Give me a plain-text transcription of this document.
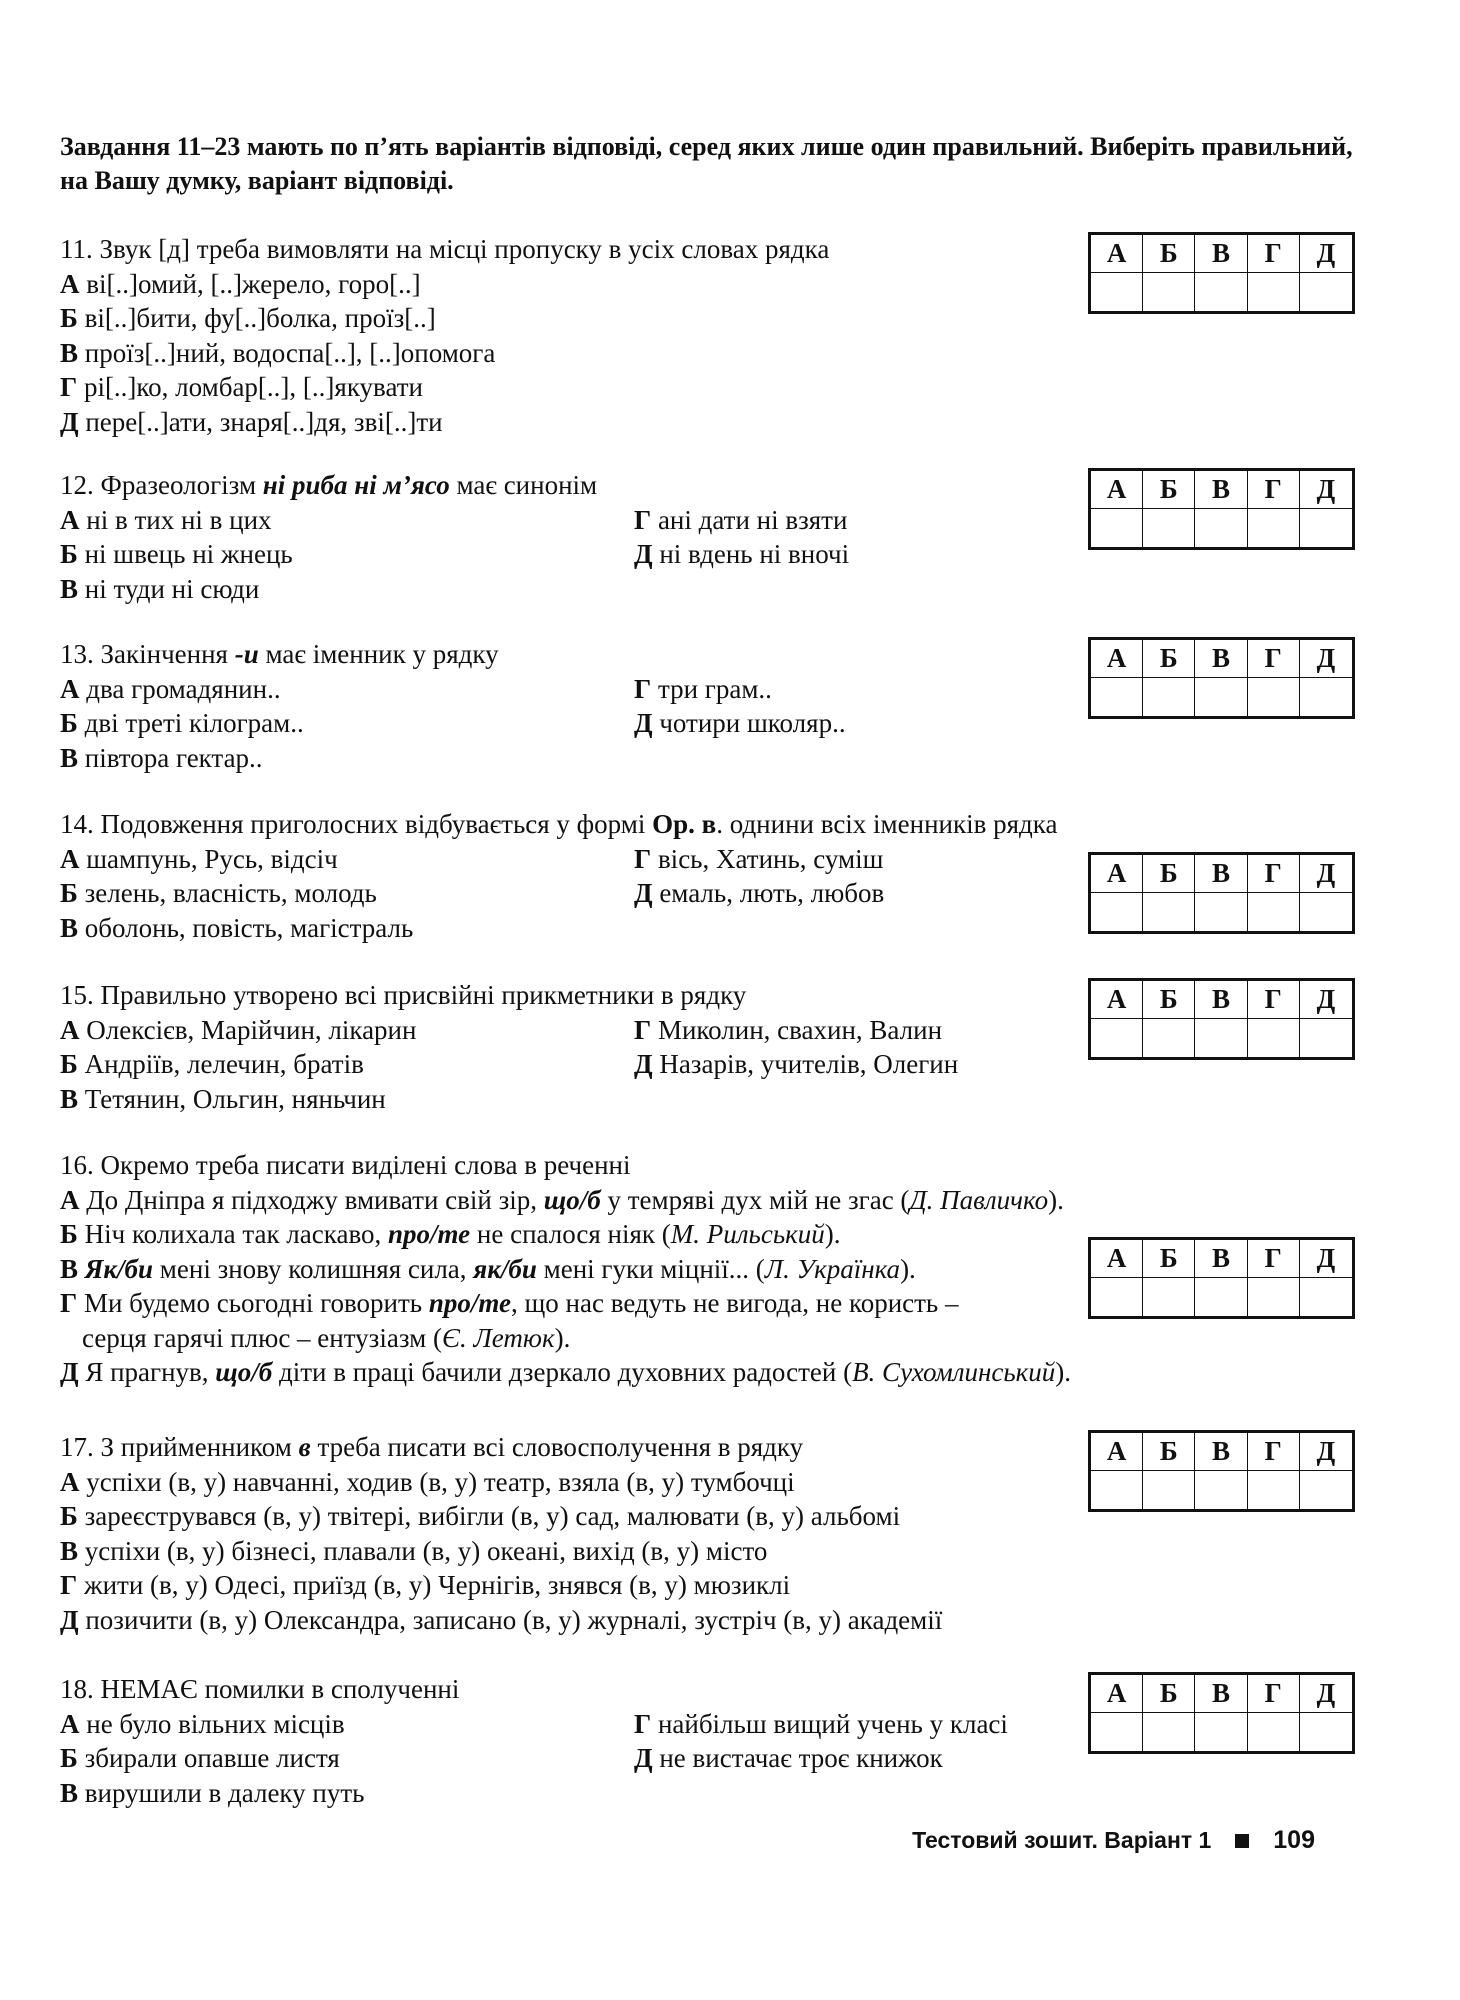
Завдання 11–23 мають по п’ять варіантів відповіді, серед яких лише один правильний. Виберіть правильний, на Вашу думку, варіант відповіді.
11. Звук [д] треба вимовляти на місці пропуску в усіх словах рядка
А ві[..]омий, [..]жерело, горо[..]
Б ві[..]бити, фу[..]болка, проїз[..]
В проїз[..]ний, водоспа[..], [..]опомога
Г рі[..]ко, ломбар[..], [..]якувати
Д пере[..]ати, знаря[..]дя, зві[..]ти
А	Б	В	Г	Д
12. Фразеологізм ні риба ні м’ясо має синонім
А ні в тих ні в цих
Б ні швець ні жнець
В ні туди ні сюди
Г ані дати ні взяти
Д ні вдень ні вночі
А	Б	В	Г	Д
13. Закінчення -и має іменник у рядку
А два громадянин..
Б дві треті кілограм..
В півтора гектар..
Г три грам..
Д чотири школяр..
А	Б	В	Г	Д
14. Подовження приголосних відбувається у формі Ор. в. однини всіх іменників рядка
А шампунь, Русь, відсіч
Б зелень, власність, молодь
В оболонь, повість, магістраль
Г вісь, Хатинь, суміш
Д емаль, лють, любов
А	Б	В	Г	Д
15. Правильно утворено всі присвійні прикметники в рядку
А Олексієв, Марійчин, лікарин
Б Андріїв, лелечин, братів
В Тетянин, Ольгин, няньчин
Г Миколин, свахин, Валин
Д Назарів, учителів, Олегин
А	Б	В	Г	Д
16. Окремо треба писати виділені слова в реченні
А До Дніпра я підходжу вмивати свій зір, що/б у темряві дух мій не згас (Д. Павличко).
Б Ніч колихала так ласкаво, про/те не спалося ніяк (М. Рильський).
В Як/би мені знову колишняя сила, як/би мені гуки міцнії... (Л. Українка).
Г Ми будемо сьогодні говорить про/те, що нас ведуть не вигода, не користь –
серця гарячі плюс – ентузіазм (Є. Летюк).
Д Я прагнув, що/б діти в праці бачили дзеркало духовних радостей (В. Сухомлинський).
А	Б	В	Г	Д
17. З прийменником в треба писати всі словосполучення в рядку
А успіхи (в, у) навчанні, ходив (в, у) театр, взяла (в, у) тумбочці
Б зареєструвався (в, у) твітері, вибігли (в, у) сад, малювати (в, у) альбомі
В успіхи (в, у) бізнесі, плавали (в, у) океані, вихід (в, у) місто
Г жити (в, у) Одесі, приїзд (в, у) Чернігів, знявся (в, у) мюзиклі
Д позичити (в, у) Олександра, записано (в, у) журналі, зустріч (в, у) академії
А	Б	В	Г	Д
18. НЕМАЄ помилки в сполученні
А не було вільних місців
Б збирали опавше листя
В вирушили в далеку путь
Г найбільш вищий учень у класі
Д не вистачає троє книжок
А	Б	В	Г	Д
Тестовий зошит. Варіант 1 109
